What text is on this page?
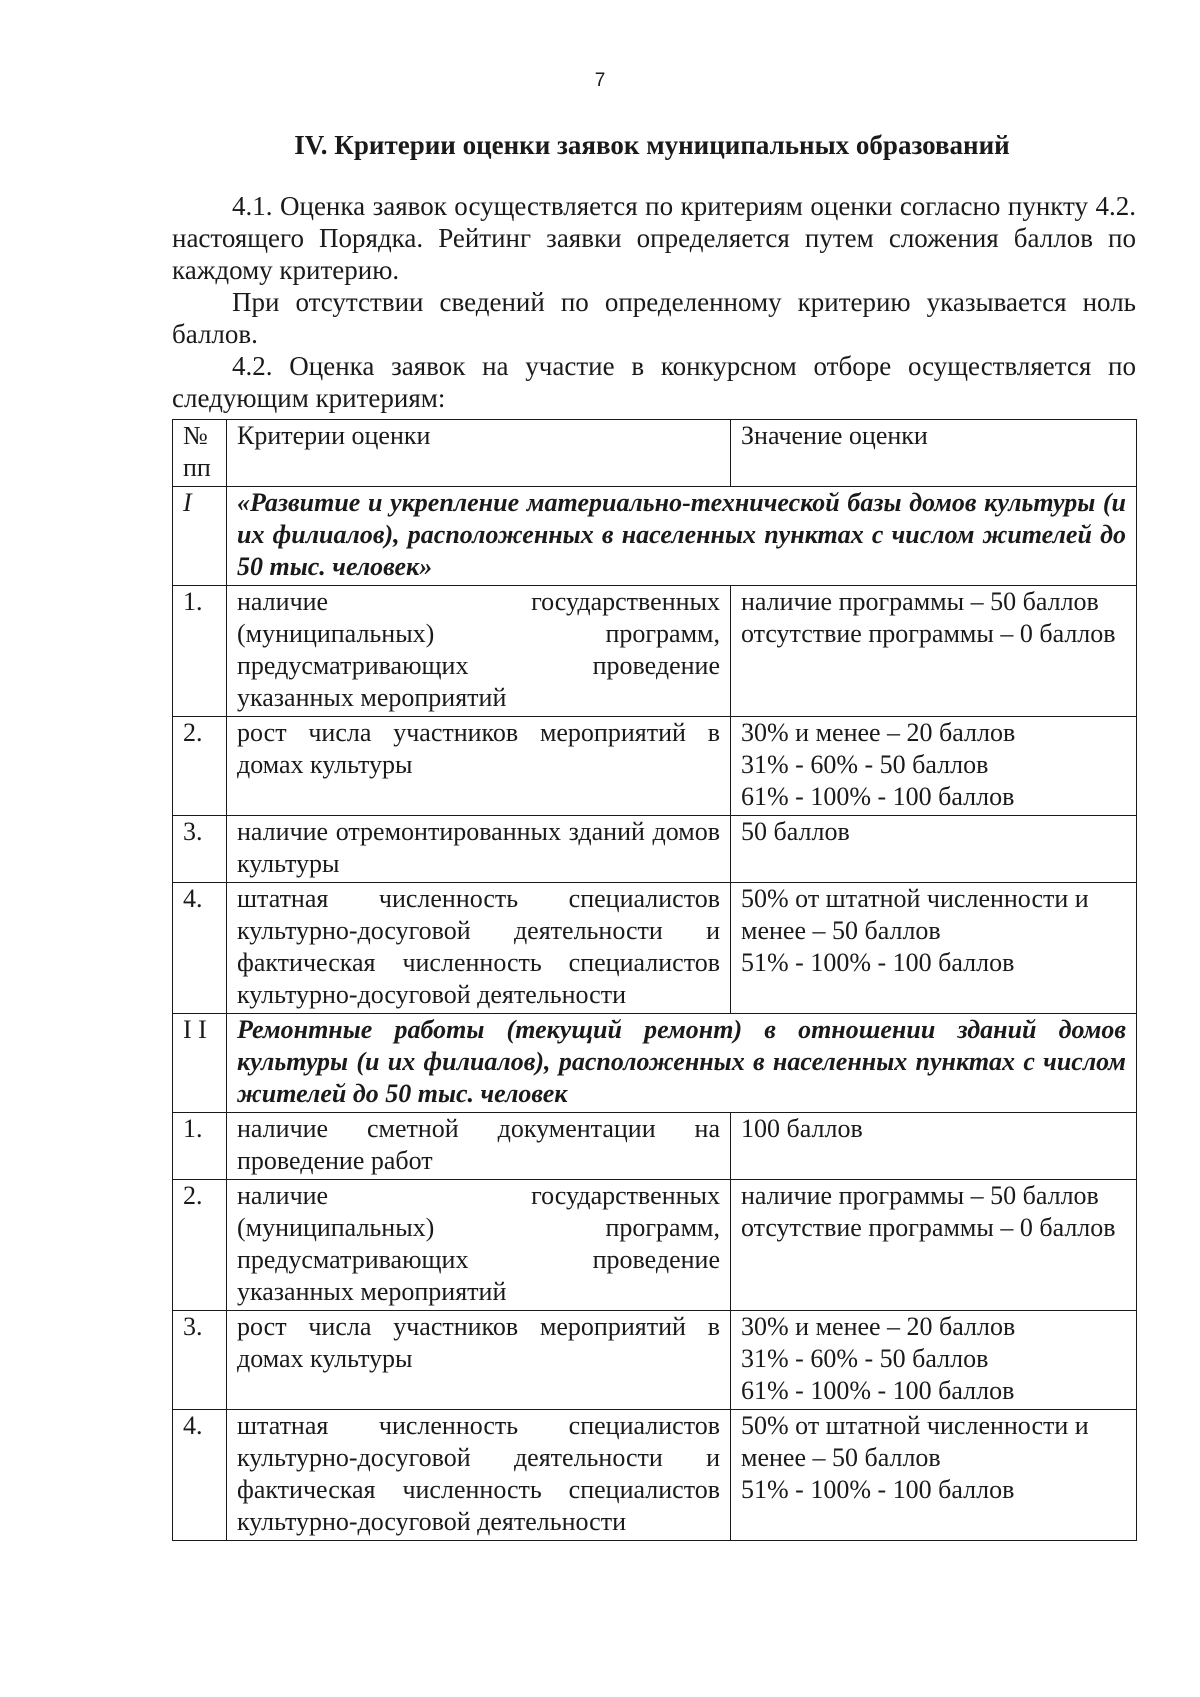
7
IV. Критерии оценки заявок муниципальных образований

4.1. Оценка заявок осуществляется по критериям оценки согласно пункту 4.2. настоящего Порядка. Рейтинг заявки определяется путем сложения баллов по каждому критерию.

При отсутствии сведений по определенному критерию указывается ноль баллов.

4.2. Оценка заявок на участие в конкурсном отборе осуществляется по следующим критериям:

№ пп	Критерии оценки	Значение оценки
I	«Развитие и укрепление материально-технической базы домов культуры (и их филиалов), расположенных в населенных пунктах с числом жителей до 50 тыс. человек»	
1.	наличие государственных (муниципальных) программ, предусматривающих проведение указанных мероприятий	наличие программы – 50 баллов
отсутствие программы – 0 баллов

2.	рост числа участников мероприятий в домах культуры	30% и менее – 20 баллов
31% - 60% - 50 баллов
61% - 100% - 100 баллов

3.	наличие отремонтированных зданий домов культуры	50 баллов

4.	штатная численность специалистов культурно-досуговой деятельности и фактическая численность специалистов культурно-досуговой деятельности	50% от штатной численности и менее – 50 баллов
51% - 100% - 100 баллов

I I	Ремонтные работы (текущий ремонт) в отношении зданий домов культуры (и их филиалов), расположенных в населенных пунктах с числом жителей до 50 тыс. человек	
1.	наличие сметной документации на проведение работ	100 баллов

2.	наличие государственных (муниципальных) программ, предусматривающих проведение указанных мероприятий	наличие программы – 50 баллов
отсутствие программы – 0 баллов

3.	рост числа участников мероприятий в домах культуры	30% и менее – 20 баллов
31% - 60% - 50 баллов
61% - 100% - 100 баллов

4.	штатная численность специалистов культурно-досуговой деятельности и фактическая численность специалистов культурно-досуговой деятельности	50% от штатной численности и менее – 50 баллов
51% - 100% - 100 баллов
